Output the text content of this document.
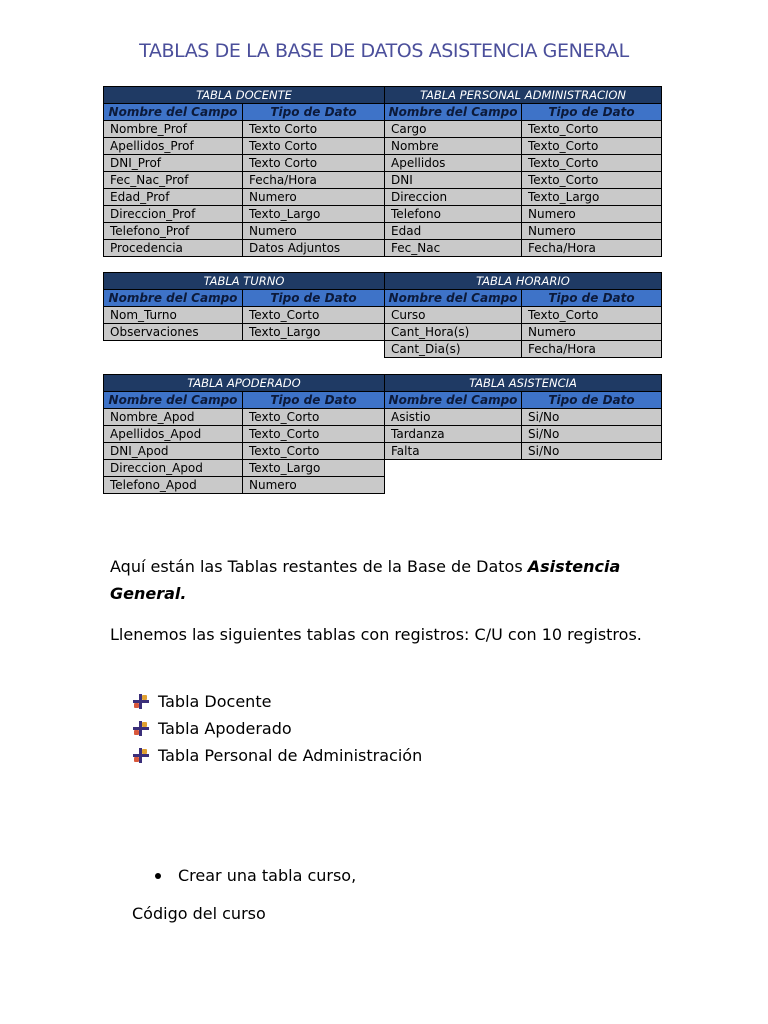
TABLAS DE LA BASE DE DATOS ASISTENCIA GENERAL
TABLA DOCENTE		TABLA PERSONAL ADMINISTRACION	
Nombre del Campo	Tipo de Dato	Nombre del Campo	Tipo de Dato
Nombre_Prof	Texto Corto	Cargo	Texto_Corto
Apellidos_Prof	Texto Corto	Nombre	Texto_Corto
DNI_Prof	Texto Corto	Apellidos	Texto_Corto
Fec_Nac_Prof	Fecha/Hora	DNI	Texto_Corto
Edad_Prof	Numero	Direccion	Texto_Largo
Direccion_Prof	Texto_Largo	Telefono	Numero
Telefono_Prof	Numero	Edad	Numero
Procedencia	Datos Adjuntos	Fec_Nac	Fecha/Hora
TABLA TURNO		TABLA HORARIO	
Nombre del Campo	Tipo de Dato	Nombre del Campo	Tipo de Dato
Nom_Turno	Texto_Corto	Curso	Texto_Corto
Observaciones	Texto_Largo	Cant_Hora(s)	Numero
		Cant_Dia(s)	Fecha/Hora
TABLA APODERADO		TABLA ASISTENCIA	
Nombre del Campo	Tipo de Dato	Nombre del Campo	Tipo de Dato
Nombre_Apod	Texto_Corto	Asistio	Si/No
Apellidos_Apod	Texto_Corto	Tardanza	Si/No
DNI_Apod	Texto_Corto	Falta	Si/No
Direccion_Apod	Texto_Largo		
Telefono_Apod	Numero		
Aquí están las Tablas restantes de la Base de Datos Asistencia General.
Llenemos las siguientes tablas con registros: C/U con 10 registros.
Tabla Docente
Tabla Apoderado
Tabla Personal de Administración
Crear una tabla curso,
Código del curso
